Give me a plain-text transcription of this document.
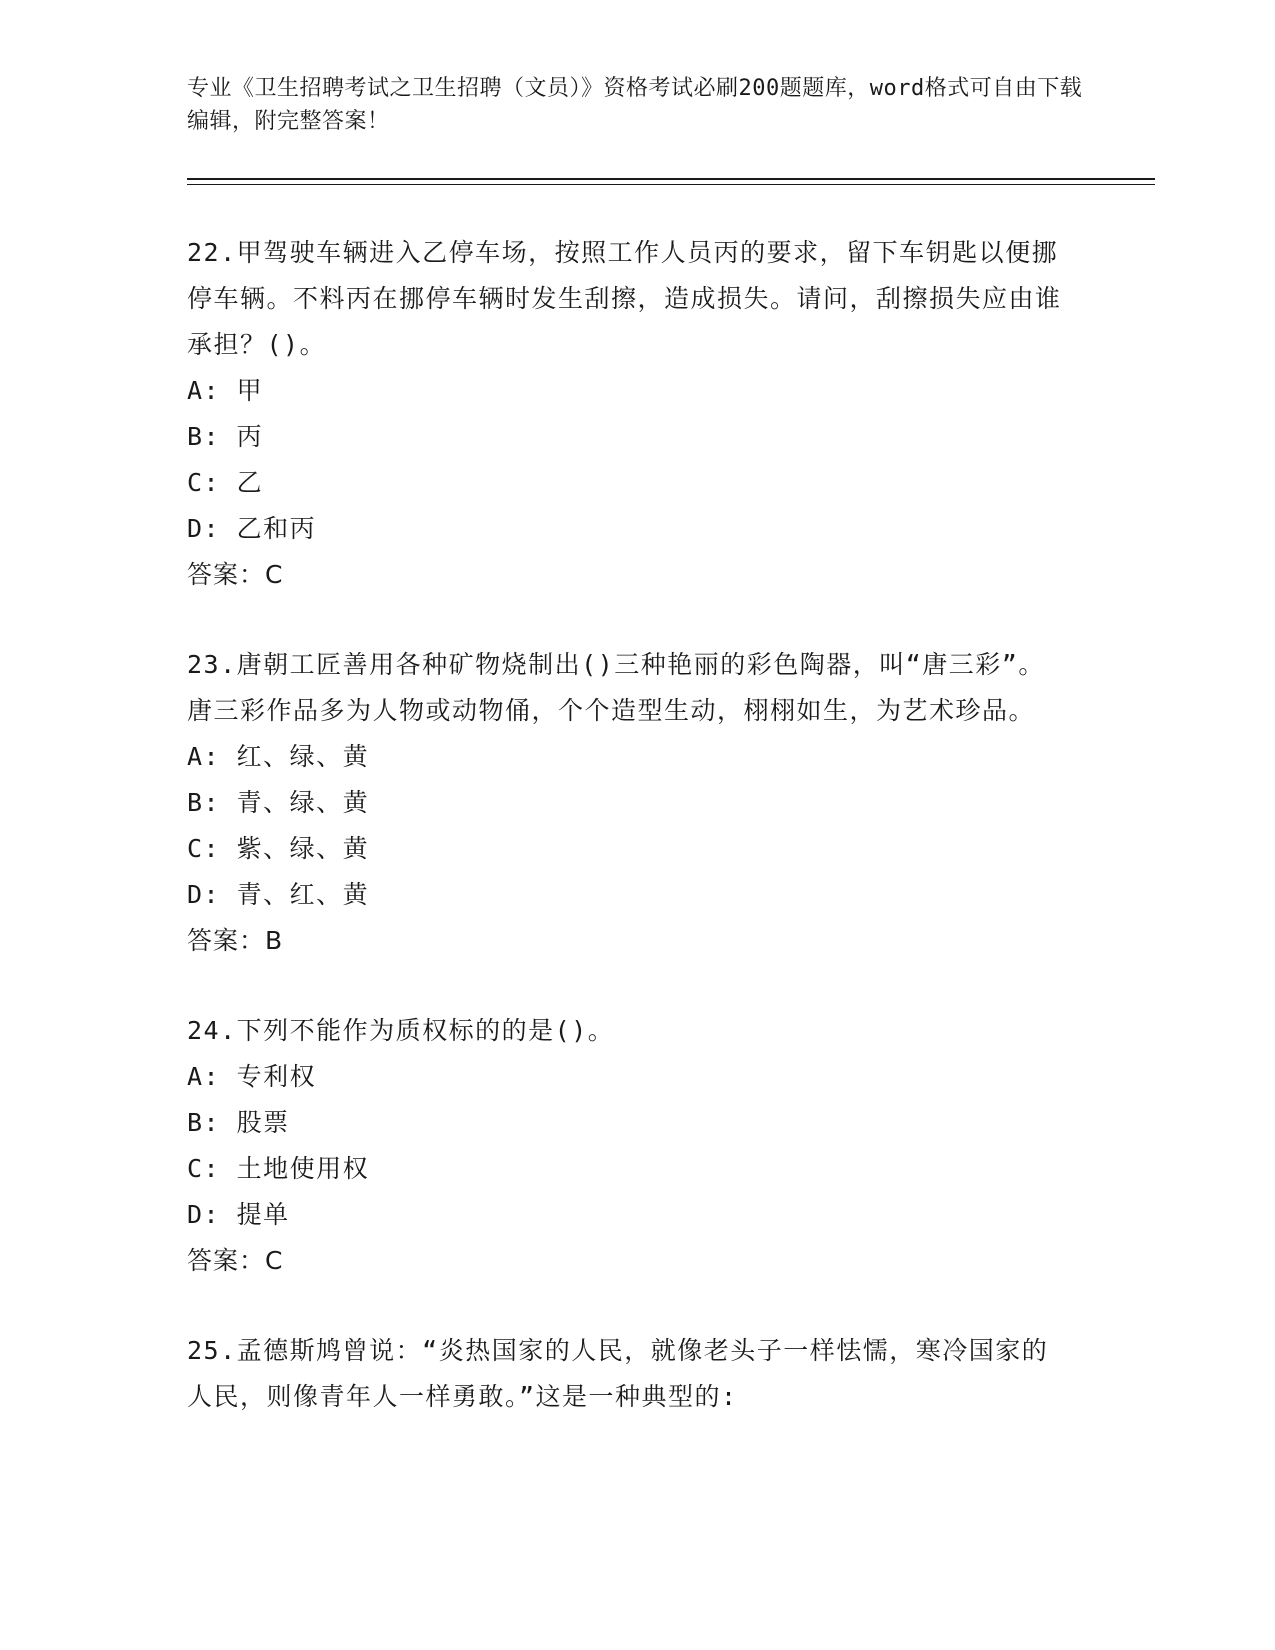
专业《卫生招聘考试之卫生招聘（文员）》资格考试必刷200题题库，word格式可自由下载编辑，附完整答案！
22.甲驾驶车辆进入乙停车场，按照工作人员丙的要求，留下车钥匙以便挪停车辆。不料丙在挪停车辆时发生刮擦，造成损失。请问，刮擦损失应由谁承担？()。
A: 甲
B: 丙
C: 乙
D: 乙和丙
答案：C
23.唐朝工匠善用各种矿物烧制出()三种艳丽的彩色陶器，叫“唐三彩”。唐三彩作品多为人物或动物俑，个个造型生动，栩栩如生，为艺术珍品。
A: 红、绿、黄
B: 青、绿、黄
C: 紫、绿、黄
D: 青、红、黄
答案：B
24.下列不能作为质权标的的是()。
A: 专利权
B: 股票
C: 土地使用权
D: 提单
答案：C
25.孟德斯鸠曾说：“炎热国家的人民，就像老头子一样怯懦，寒冷国家的人民，则像青年人一样勇敢。”这是一种典型的:
